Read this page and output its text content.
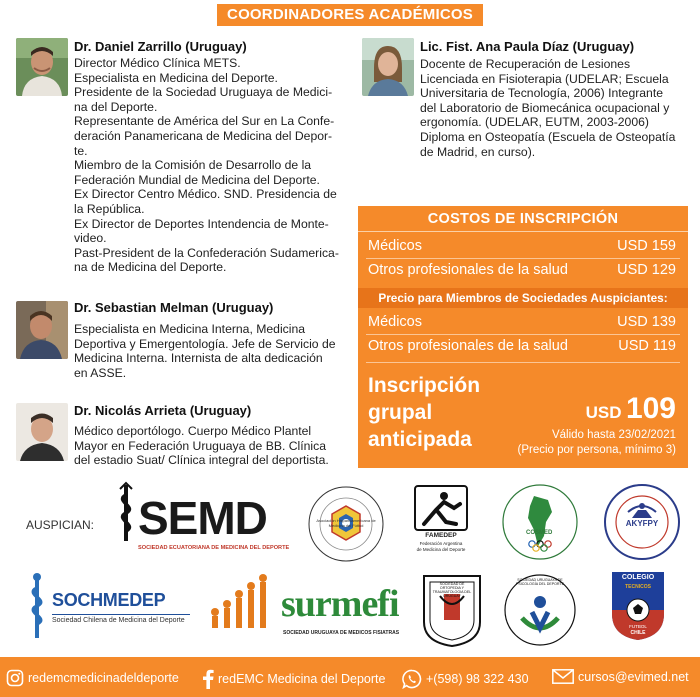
COORDINADORES ACADÉMICOS
Dr. Daniel Zarrillo (Uruguay)
Director Médico Clínica METS.
Especialista en Medicina del Deporte.
Presidente de la Sociedad Uruguaya de Medici-
na del Deporte.
Representante de América del Sur en La Confe-
deración Panamericana de Medicina del Depor-
te.
Miembro de la Comisión de Desarrollo de la
Federación Mundial de Medicina del Deporte.
Ex Director Centro Médico. SND. Presidencia de
la República.
Ex Director de Deportes Intendencia de Monte-
video.
Past-President de la Confederación Sudamerica-
na de Medicina del Deporte.
Dr. Sebastian Melman (Uruguay)
Especialista en Medicina Interna, Medicina
Deportiva y Emergentología. Jefe de Servicio de
Medicina Interna. Internista de alta dedicación
en ASSE.
Dr. Nicolás Arrieta (Uruguay)
Médico deportólogo. Cuerpo Médico Plantel
Mayor en Federación Uruguaya de BB. Clínica
del estadio Suat/ Clínica integral del deportista.
Lic. Fist. Ana Paula Díaz (Uruguay)
Docente de Recuperación de Lesiones
Licenciada en Fisioterapia (UDELAR; Escuela
Universitaria de Tecnología, 2006) Integrante
del Laboratorio de Biomecánica ocupacional y
ergonomía. (UDELAR, EUTM, 2003-2006)
Diploma en Osteopatía (Escuela de Osteopatía
de Madrid, en curso).
COSTOS DE INSCRIPCIÓN
Médicos	USD 159
Otros profesionales de la salud	USD 129
Precio para Miembros de Sociedades Auspiciantes:
Médicos	USD 139
Otros profesionales de la salud	USD 119
Inscripción
grupal
anticipada
USD 109
Válido hasta 23/02/2021
(Precio por persona, mínimo 3)
AUSPICIAN: SEMD
SOCIEDAD ECUATORIANA DE MEDICINA DEL DEPORTE
Asociación Hispanoamericana de Medicina del Fútbol
FAMEDEP
Federación Argentina
de Medicina del Deporte
COSMED
AKYFPY
SOCHMEDEP
Sociedad Chilena de Medicina del Deporte	surmefi
SOCIEDAD URUGUAYA DE MEDICOS FISIATRAS
SOCIEDAD DE ORTOPEDIA Y TRAUMATOLOGIA DEL URUGUAY
SOCIEDAD URUGUAYA DE PSICOLOGÍA DEL DEPORTE
COLEGIO
TECNICOS
FUTBOL
CHILE
redemcmedicinadeldeporte	redEMC Medicina del Deporte	+(598) 98 322 430	cursos@evimed.net
